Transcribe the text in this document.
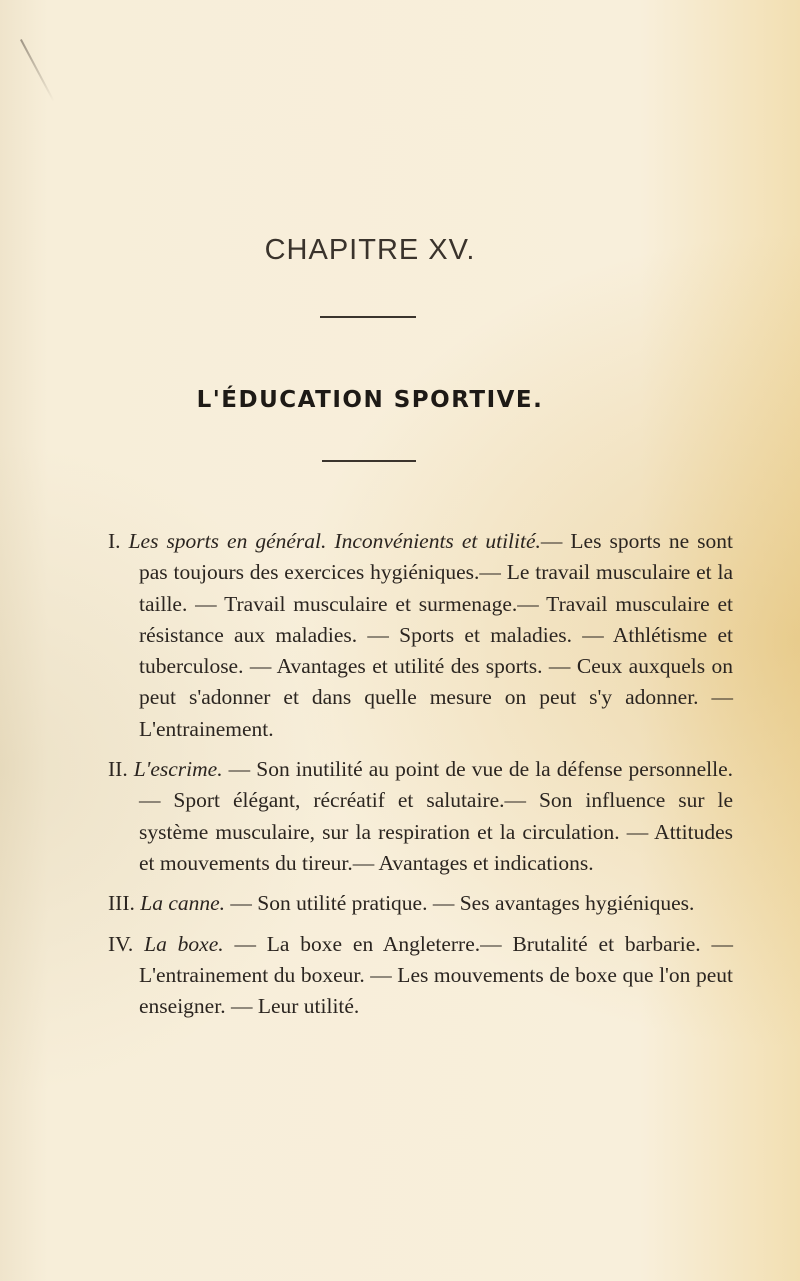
CHAPITRE XV.
L'ÉDUCATION SPORTIVE.

I. Les sports en général. Inconvénients et utilité.— Les sports ne sont pas toujours des exercices hygiéniques.— Le travail musculaire et la taille. — Travail musculaire et surmenage.— Travail musculaire et résistance aux maladies. — Sports et maladies. — Athlétisme et tuberculose. — Avantages et utilité des sports. — Ceux auxquels on peut s'adonner et dans quelle mesure on peut s'y adonner. — L'entrainement.

II. L'escrime. — Son inutilité au point de vue de la défense personnelle.— Sport élégant, récréatif et salutaire.— Son influence sur le système musculaire, sur la respiration et la circulation. — Attitudes et mouvements du tireur.— Avantages et indications.

III. La canne. — Son utilité pratique. — Ses avantages hygiéniques.

IV. La boxe. — La boxe en Angleterre.— Brutalité et barbarie. — L'entrainement du boxeur. — Les mouvements de boxe que l'on peut enseigner. — Leur utilité.
